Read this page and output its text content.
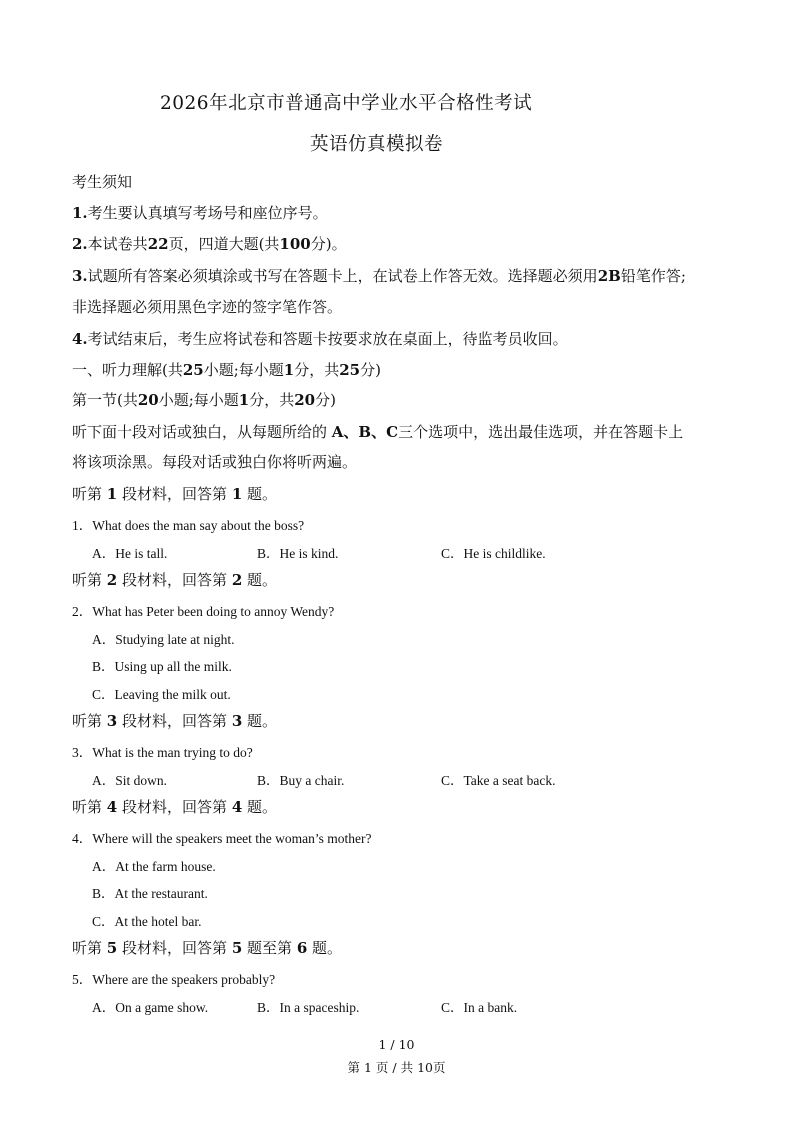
2026年北京市普通高中学业水平合格性考试
英语仿真模拟卷
考生须知
1.考生要认真填写考场号和座位序号。
2.本试卷共22页，四道大题(共100分)。
3.试题所有答案必须填涂或书写在答题卡上，在试卷上作答无效。选择题必须用2B铅笔作答;
非选择题必须用黑色字迹的签字笔作答。
4.考试结束后，考生应将试卷和答题卡按要求放在桌面上，待监考员收回。
一、听力理解(共25小题;每小题1分，共25分)
第一节(共20小题;每小题1分，共20分)
听下面十段对话或独白，从每题所给的 A、B、C三个选项中，选出最佳选项，并在答题卡上
将该项涂黑。每段对话或独白你将听两遍。
听第 1 段材料，回答第 1 题。
1．What does the man say about the boss?
A．He is tall.	B．He is kind.	C．He is childlike.
听第 2 段材料，回答第 2 题。
2．What has Peter been doing to annoy Wendy?
A．Studying late at night.
B．Using up all the milk.
C．Leaving the milk out.
听第 3 段材料，回答第 3 题。
3．What is the man trying to do?
A．Sit down.	B．Buy a chair.	C．Take a seat back.
听第 4 段材料，回答第 4 题。
4．Where will the speakers meet the woman’s mother?
A．At the farm house.
B．At the restaurant.
C．At the hotel bar.
听第 5 段材料，回答第 5 题至第 6 题。
5．Where are the speakers probably?
A．On a game show.	B．In a spaceship.	C．In a bank.
1 / 10
第 1 页 / 共 10页
